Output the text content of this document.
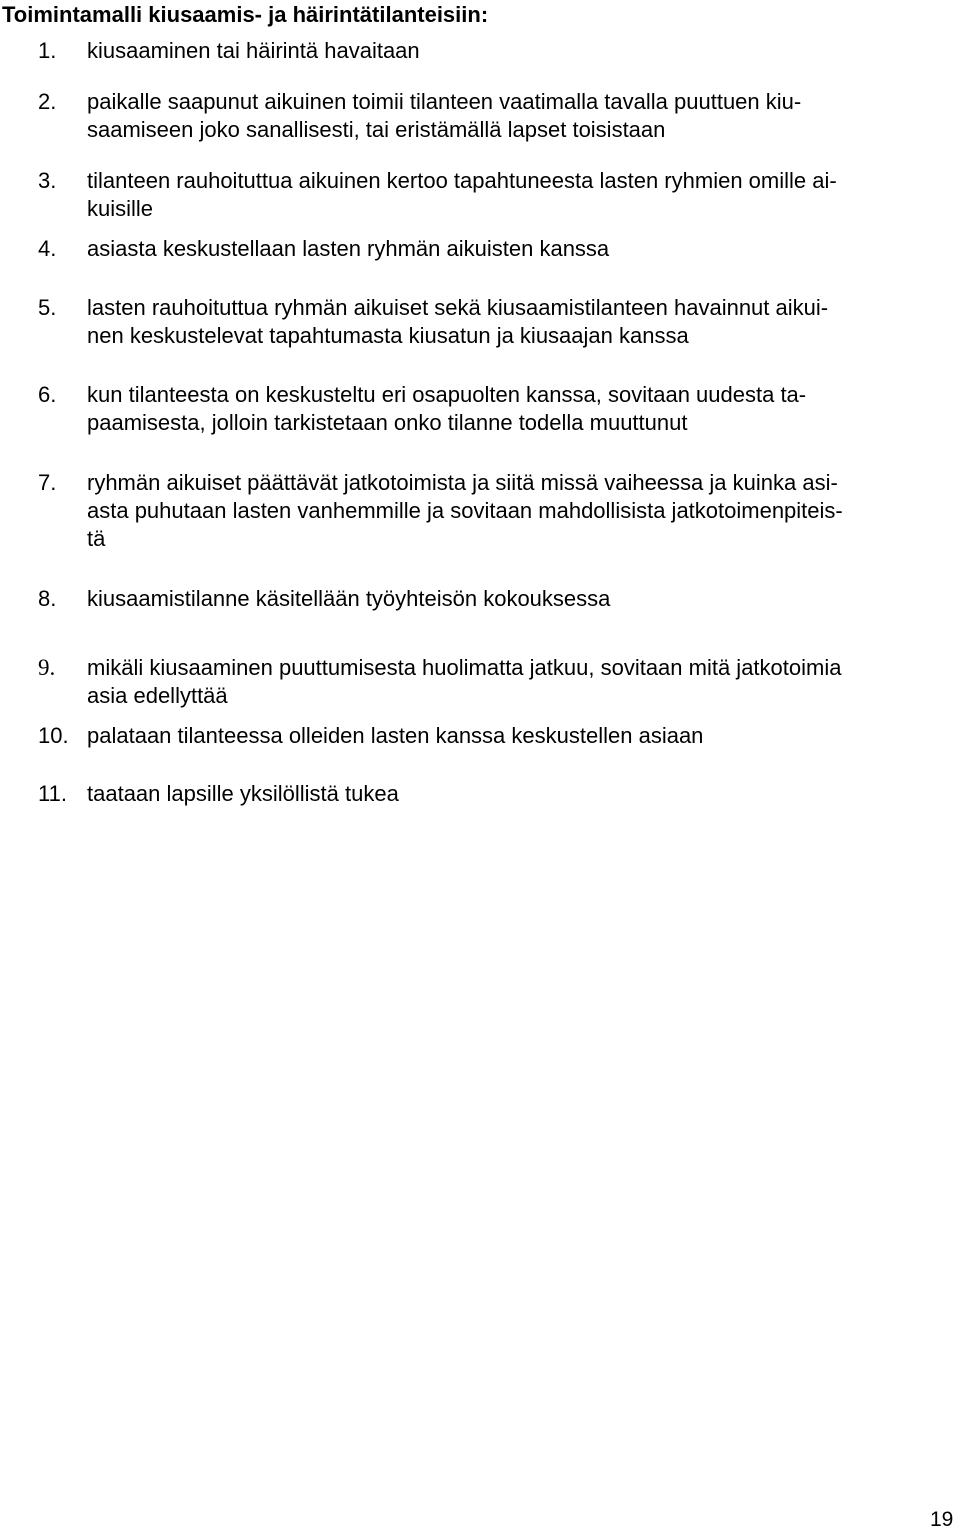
Toimintamalli kiusaamis- ja häirintätilanteisiin:
1. kiusaaminen tai häirintä havaitaan
2. paikalle saapunut aikuinen toimii tilanteen vaatimalla tavalla puuttuen kiu-
saamiseen joko sanallisesti, tai eristämällä lapset toisistaan
3. tilanteen rauhoituttua aikuinen kertoo tapahtuneesta lasten ryhmien omille ai-
kuisille
4. asiasta keskustellaan lasten ryhmän aikuisten kanssa
5. lasten rauhoituttua ryhmän aikuiset sekä kiusaamistilanteen havainnut aikui-
nen keskustelevat tapahtumasta kiusatun ja kiusaajan kanssa
6. kun tilanteesta on keskusteltu eri osapuolten kanssa, sovitaan uudesta ta-
paamisesta, jolloin tarkistetaan onko tilanne todella muuttunut
7. ryhmän aikuiset päättävät jatkotoimista ja siitä missä vaiheessa ja kuinka asi-
asta puhutaan lasten vanhemmille ja sovitaan mahdollisista jatkotoimenpiteis-
tä
8. kiusaamistilanne käsitellään työyhteisön kokouksessa
9. mikäli kiusaaminen puuttumisesta huolimatta jatkuu, sovitaan mitä jatkotoimia
asia edellyttää
10. palataan tilanteessa olleiden lasten kanssa keskustellen asiaan
11. taataan lapsille yksilöllistä tukea
19
